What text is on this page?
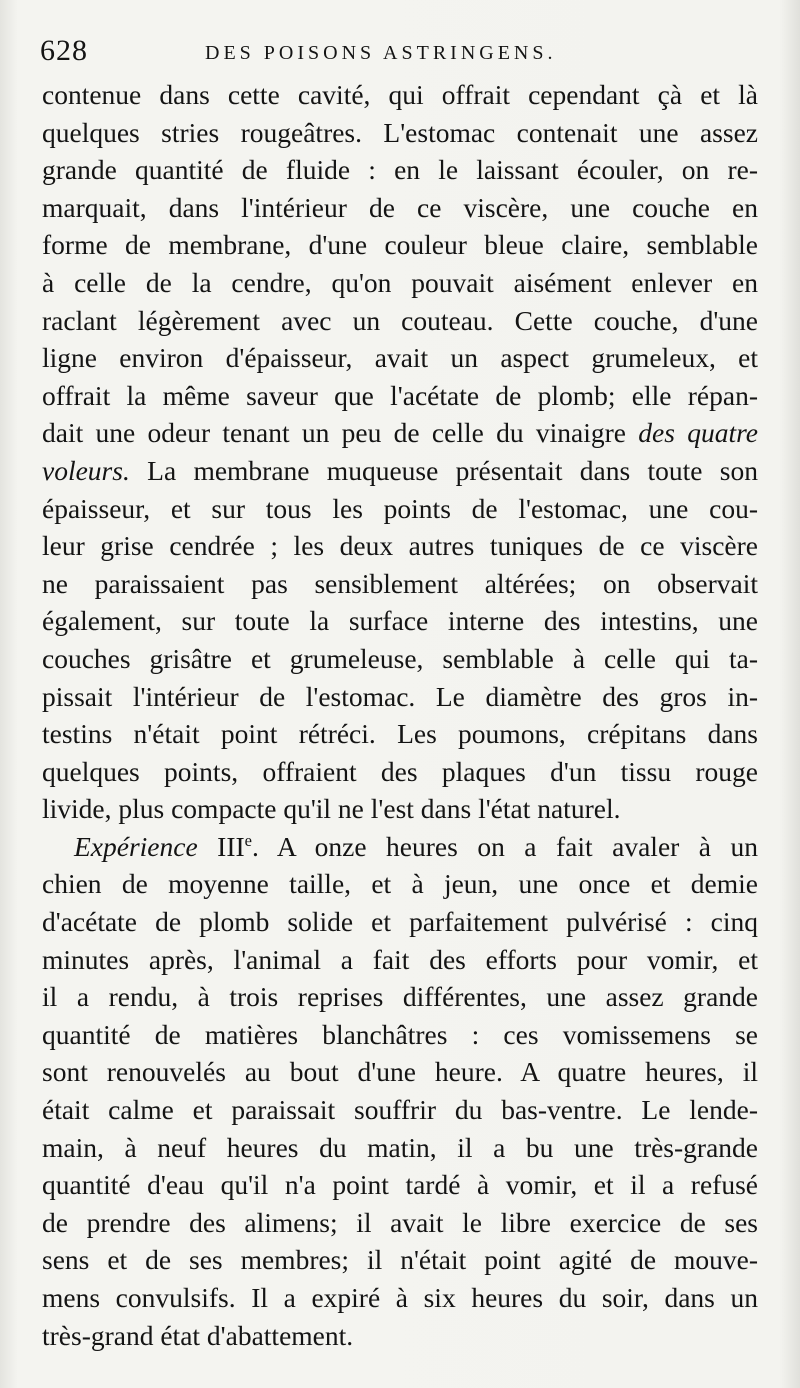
628	DES POISONS ASTRINGENS.
contenue dans cette cavité, qui offrait cependant çà et là
quelques stries rougeâtres. L'estomac contenait une assez
grande quantité de fluide : en le laissant écouler, on re-
marquait, dans l'intérieur de ce viscère, une couche en
forme de membrane, d'une couleur bleue claire, semblable
à celle de la cendre, qu'on pouvait aisément enlever en
raclant légèrement avec un couteau. Cette couche, d'une
ligne environ d'épaisseur, avait un aspect grumeleux, et
offrait la même saveur que l'acétate de plomb; elle répan-
dait une odeur tenant un peu de celle du vinaigre des quatre
voleurs. La membrane muqueuse présentait dans toute son
épaisseur, et sur tous les points de l'estomac, une cou-
leur grise cendrée ; les deux autres tuniques de ce viscère
ne paraissaient pas sensiblement altérées; on observait
également, sur toute la surface interne des intestins, une
couches grisâtre et grumeleuse, semblable à celle qui ta-
pissait l'intérieur de l'estomac. Le diamètre des gros in-
testins n'était point rétréci. Les poumons, crépitans dans
quelques points, offraient des plaques d'un tissu rouge
livide, plus compacte qu'il ne l'est dans l'état naturel.
Expérience IIIe. A onze heures on a fait avaler à un
chien de moyenne taille, et à jeun, une once et demie
d'acétate de plomb solide et parfaitement pulvérisé : cinq
minutes après, l'animal a fait des efforts pour vomir, et
il a rendu, à trois reprises différentes, une assez grande
quantité de matières blanchâtres : ces vomissemens se
sont renouvelés au bout d'une heure. A quatre heures, il
était calme et paraissait souffrir du bas-ventre. Le lende-
main, à neuf heures du matin, il a bu une très-grande
quantité d'eau qu'il n'a point tardé à vomir, et il a refusé
de prendre des alimens; il avait le libre exercice de ses
sens et de ses membres; il n'était point agité de mouve-
mens convulsifs. Il a expiré à six heures du soir, dans un
très-grand état d'abattement.
